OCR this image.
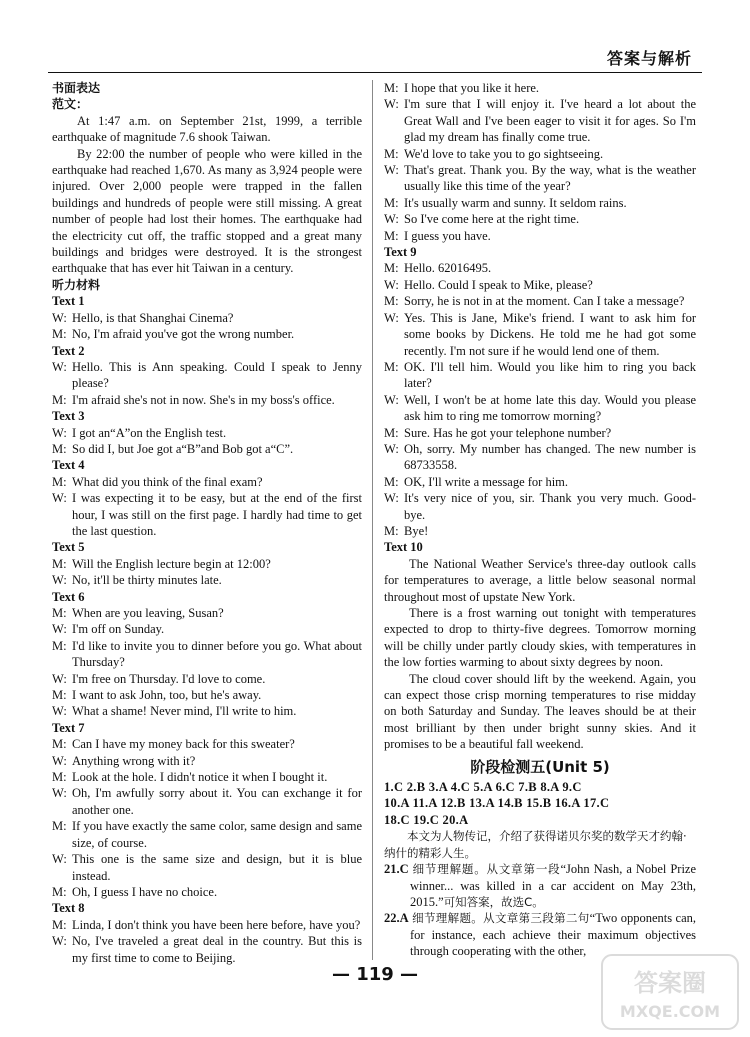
答案与解析
书面表达
范文：
At 1:47 a.m. on September 21st, 1999, a terrible earthquake of magnitude 7.6 shook Taiwan.
By 22:00 the number of people who were killed in the earthquake had reached 1,670. As many as 3,924 people were injured. Over 2,000 people were trapped in the fallen buildings and hundreds of people were still missing. A great number of people had lost their homes. The earthquake had the electricity cut off, the traffic stopped and a great many buildings and bridges were destroyed. It is the strongest earthquake that has ever hit Taiwan in a century.
听力材料
Text 1
W: Hello, is that Shanghai Cinema?
M: No, I'm afraid you've got the wrong number.
Text 2
W: Hello. This is Ann speaking. Could I speak to Jenny please?
M: I'm afraid she's not in now. She's in my boss's office.
Text 3
W: I got an“A”on the English test.
M: So did I, but Joe got a“B”and Bob got a“C”.
Text 4
M: What did you think of the final exam?
W: I was expecting it to be easy, but at the end of the first hour, I was still on the first page. I hardly had time to get the last question.
Text 5
M: Will the English lecture begin at 12:00?
W: No, it'll be thirty minutes late.
Text 6
M: When are you leaving, Susan?
W: I'm off on Sunday.
M: I'd like to invite you to dinner before you go. What about Thursday?
W: I'm free on Thursday. I'd love to come.
M: I want to ask John, too, but he's away.
W: What a shame! Never mind, I'll write to him.
Text 7
M: Can I have my money back for this sweater?
W: Anything wrong with it?
M: Look at the hole. I didn't notice it when I bought it.
W: Oh, I'm awfully sorry about it. You can exchange it for another one.
M: If you have exactly the same color, same design and same size, of course.
W: This one is the same size and design, but it is blue instead.
M: Oh, I guess I have no choice.
Text 8
M: Linda, I don't think you have been here before, have you?
W: No, I've traveled a great deal in the country. But this is my first time to come to Beijing.
M: I hope that you like it here.
W: I'm sure that I will enjoy it. I've heard a lot about the Great Wall and I've been eager to visit it for ages. So I'm glad my dream has finally come true.
M: We'd love to take you to go sightseeing.
W: That's great. Thank you. By the way, what is the weather usually like this time of the year?
M: It's usually warm and sunny. It seldom rains.
W: So I've come here at the right time.
M: I guess you have.
Text 9
M: Hello. 62016495.
W: Hello. Could I speak to Mike, please?
M: Sorry, he is not in at the moment. Can I take a message?
W: Yes. This is Jane, Mike's friend. I want to ask him for some books by Dickens. He told me he had got some recently. I'm not sure if he would lend one of them.
M: OK. I'll tell him. Would you like him to ring you back later?
W: Well, I won't be at home late this day. Would you please ask him to ring me tomorrow morning?
M: Sure. Has he got your telephone number?
W: Oh, sorry. My number has changed. The new number is 68733558.
M: OK, I'll write a message for him.
W: It's very nice of you, sir. Thank you very much. Good-bye.
M: Bye!
Text 10
The National Weather Service's three-day outlook calls for temperatures to average, a little below seasonal normal throughout most of upstate New York.
There is a frost warning out tonight with temperatures expected to drop to thirty-five degrees. Tomorrow morning will be chilly under partly cloudy skies, with temperatures in the low forties warming to about sixty degrees by noon.
The cloud cover should lift by the weekend. Again, you can expect those crisp morning temperatures to rise midday on both Saturday and Sunday. The leaves should be at their most brilliant by then under bright sunny skies. And it promises to be a beautiful fall weekend.
阶段检测五(Unit 5)
1.C 2.B 3.A 4.C 5.A 6.C 7.B 8.A 9.C
10.A 11.A 12.B 13.A 14.B 15.B 16.A 17.C
18.C 19.C 20.A
本文为人物传记，介绍了获得诺贝尔奖的数学天才约翰·纳什的精彩人生。
21.C 细节理解题。从文章第一段“John Nash, a Nobel Prize winner... was killed in a car accident on May 23th, 2015.”可知答案，故选C。
22.A 细节理解题。从文章第三段第二句“Two opponents can, for instance, each achieve their maximum objectives through cooperating with the other,
— 119 —	答案圈
MXQE.COM
